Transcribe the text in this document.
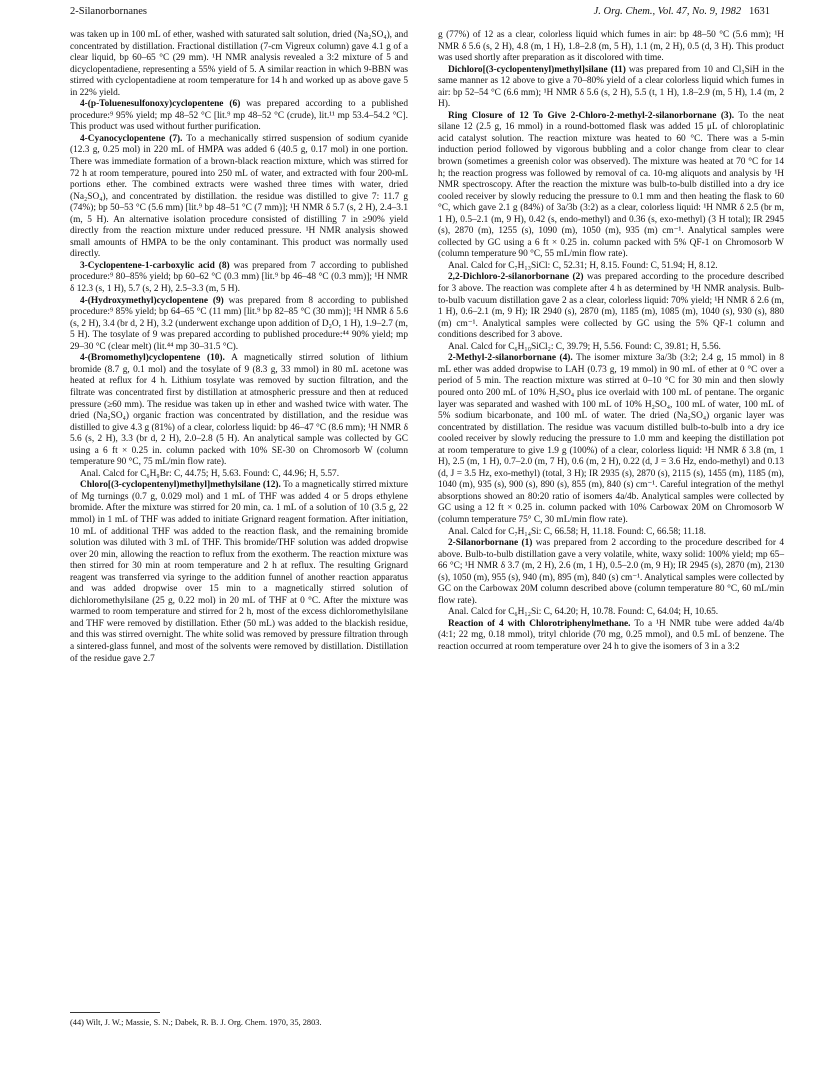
2-Silanorbornanes	J. Org. Chem., Vol. 47, No. 9, 1982 1631

was taken up in 100 mL of ether, washed with saturated salt solution, dried (Na₂SO₄), and concentrated by distillation. Fractional distillation (7-cm Vigreux column) gave 4.1 g of a clear liquid, bp 60–65 °C (29 mm). ¹H NMR analysis revealed a 3:2 mixture of 5 and dicyclopentadiene, representing a 55% yield of 5. A similar reaction in which 9-BBN was stirred with cyclopentadiene at room temperature for 14 h and worked up as above gave 5 in 22% yield.

4-(p-Toluenesulfonoxy)cyclopentene (6) was prepared according to a published procedure:⁹ 95% yield; mp 48–52 °C [lit.⁹ mp 48–52 °C (crude), lit.¹¹ mp 53.4–54.2 °C]. This product was used without further purification.

4-Cyanocyclopentene (7). To a mechanically stirred suspension of sodium cyanide (12.3 g, 0.25 mol) in 220 mL of HMPA was added 6 (40.5 g, 0.17 mol) in one portion. There was immediate formation of a brown-black reaction mixture, which was stirred for 72 h at room temperature, poured into 250 mL of water, and extracted with four 200-mL portions ether. The combined extracts were washed three times with water, dried (Na₂SO₄), and concentrated by distillation. the residue was distilled to give 7: 11.7 g (74%); bp 50–53 °C (5.6 mm) [lit.⁹ bp 48–51 °C (7 mm)]; ¹H NMR δ 5.7 (s, 2 H), 2.4–3.1 (m, 5 H). An alternative isolation procedure consisted of distilling 7 in ≥90% yield directly from the reaction mixture under reduced pressure. ¹H NMR analysis showed small amounts of HMPA to be the only contaminant. This product was normally used directly.

3-Cyclopentene-1-carboxylic acid (8) was prepared from 7 according to published procedure:⁹ 80–85% yield; bp 60–62 °C (0.3 mm) [lit.⁹ bp 46–48 °C (0.3 mm)]; ¹H NMR δ 12.3 (s, 1 H), 5.7 (s, 2 H), 2.5–3.3 (m, 5 H).

4-(Hydroxymethyl)cyclopentene (9) was prepared from 8 according to published procedure:⁹ 85% yield; bp 64–65 °C (11 mm) [lit.⁹ bp 82–85 °C (30 mm)]; ¹H NMR δ 5.6 (s, 2 H), 3.4 (br d, 2 H), 3.2 (underwent exchange upon addition of D₂O, 1 H), 1.9–2.7 (m, 5 H). The tosylate of 9 was prepared according to published procedure:⁴⁴ 90% yield; mp 29–30 °C (clear melt) (lit.⁴⁴ mp 30–31.5 °C).

4-(Bromomethyl)cyclopentene (10). A magnetically stirred solution of lithium bromide (8.7 g, 0.1 mol) and the tosylate of 9 (8.3 g, 33 mmol) in 80 mL acetone was heated at reflux for 4 h. Lithium tosylate was removed by suction filtration, and the filtrate was concentrated first by distillation at atmospheric pressure and then at reduced pressure (≥60 mm). The residue was taken up in ether and washed twice with water. The dried (Na₂SO₄) organic fraction was concentrated by distillation, and the residue was distilled to give 4.3 g (81%) of a clear, colorless liquid: bp 46–47 °C (8.6 mm); ¹H NMR δ 5.6 (s, 2 H), 3.3 (br d, 2 H), 2.0–2.8 (5 H). An analytical sample was collected by GC using a 6 ft × 0.25 in. column packed with 10% SE-30 on Chromosorb W (column temperature 90 °C, 75 mL/min flow rate).

Anal. Calcd for C₆H₉Br: C, 44.75; H, 5.63. Found: C, 44.96; H, 5.57.

Chloro[(3-cyclopentenyl)methyl]methylsilane (12). To a magnetically stirred mixture of Mg turnings (0.7 g, 0.029 mol) and 1 mL of THF was added 4 or 5 drops ethylene bromide. After the mixture was stirred for 20 min, ca. 1 mL of a solution of 10 (3.5 g, 22 mmol) in 1 mL of THF was added to initiate Grignard reagent formation. After initiation, 10 mL of additional THF was added to the reaction flask, and the remaining bromide solution was diluted with 3 mL of THF. This bromide/THF solution was added dropwise over 20 min, allowing the reaction to reflux from the exotherm. The reaction mixture was then stirred for 30 min at room temperature and 2 h at reflux. The resulting Grignard reagent was transferred via syringe to the addition funnel of another reaction apparatus and was added dropwise over 15 min to a magnetically stirred solution of dichloromethylsilane (25 g, 0.22 mol) in 20 mL of THF at 0 °C. After the mixture was warmed to room temperature and stirred for 2 h, most of the excess dichloromethylsilane and THF were removed by distillation. Ether (50 mL) was added to the blackish residue, and this was stirred overnight. The white solid was removed by pressure filtration through a sintered-glass funnel, and most of the solvents were removed by distillation. Distillation of the residue gave 2.7

g (77%) of 12 as a clear, colorless liquid which fumes in air: bp 48–50 °C (5.6 mm); ¹H NMR δ 5.6 (s, 2 H), 4.8 (m, 1 H), 1.8–2.8 (m, 5 H), 1.1 (m, 2 H), 0.5 (d, 3 H). This product was used shortly after preparation as it discolored with time.

Dichloro[(3-cyclopentenyl)methyl]silane (11) was prepared from 10 and Cl₃SiH in the same manner as 12 above to give a 70–80% yield of a clear colorless liquid which fumes in air: bp 52–54 °C (6.6 mm); ¹H NMR δ 5.6 (s, 2 H), 5.5 (t, 1 H), 1.8–2.9 (m, 5 H), 1.4 (m, 2 H).

Ring Closure of 12 To Give 2-Chloro-2-methyl-2-silanorbornane (3). To the neat silane 12 (2.5 g, 16 mmol) in a round-bottomed flask was added 15 μL of chloroplatinic acid catalyst solution. The reaction mixture was heated to 60 °C. There was a 5-min induction period followed by vigorous bubbling and a color change from clear to clear brown (sometimes a greenish color was observed). The mixture was heated at 70 °C for 14 h; the reaction progress was followed by removal of ca. 10-mg aliquots and analysis by ¹H NMR spectroscopy. After the reaction the mixture was bulb-to-bulb distilled into a dry ice cooled receiver by slowly reducing the pressure to 0.1 mm and then heating the flask to 60 °C, which gave 2.1 g (84%) of 3a/3b (3:2) as a clear, colorless liquid: ¹H NMR δ 2.5 (br m, 1 H), 0.5–2.1 (m, 9 H), 0.42 (s, endo-methyl) and 0.36 (s, exo-methyl) (3 H total); IR 2945 (s), 2870 (m), 1255 (s), 1090 (m), 1050 (m), 935 (m) cm⁻¹. Analytical samples were collected by GC using a 6 ft × 0.25 in. column packed with 5% QF-1 on Chromosorb W (column temperature 90 °C, 55 mL/min flow rate).

Anal. Calcd for C₇H₁₃SiCl: C, 52.31; H, 8.15. Found: C, 51.94; H, 8.12.

2,2-Dichloro-2-silanorbornane (2) was prepared according to the procedure described for 3 above. The reaction was complete after 4 h as determined by ¹H NMR analysis. Bulb-to-bulb vacuum distillation gave 2 as a clear, colorless liquid: 70% yield; ¹H NMR δ 2.6 (m, 1 H), 0.6–2.1 (m, 9 H); IR 2940 (s), 2870 (m), 1185 (m), 1085 (m), 1040 (s), 930 (s), 880 (m) cm⁻¹. Analytical samples were collected by GC using the 5% QF-1 column and conditions described for 3 above.

Anal. Calcd for C₆H₁₀SiCl₂: C, 39.79; H, 5.56. Found: C, 39.81; H, 5.56.

2-Methyl-2-silanorbornane (4). The isomer mixture 3a/3b (3:2; 2.4 g, 15 mmol) in 8 mL ether was added dropwise to LAH (0.73 g, 19 mmol) in 90 mL of ether at 0 °C over a period of 5 min. The reaction mixture was stirred at 0–10 °C for 30 min and then slowly poured onto 200 mL of 10% H₂SO₄ plus ice overlaid with 100 mL of pentane. The organic layer was separated and washed with 100 mL of 10% H₂SO₄, 100 mL of water, 100 mL of 5% sodium bicarbonate, and 100 mL of water. The dried (Na₂SO₄) organic layer was concentrated by distillation. The residue was vacuum distilled bulb-to-bulb into a dry ice cooled receiver by slowly reducing the pressure to 1.0 mm and keeping the distillation pot at room temperature to give 1.9 g (100%) of a clear, colorless liquid: ¹H NMR δ 3.8 (m, 1 H), 2.5 (m, 1 H), 0.7–2.0 (m, 7 H), 0.6 (m, 2 H), 0.22 (d, J = 3.6 Hz, endo-methyl) and 0.13 (d, J = 3.5 Hz, exo-methyl) (total, 3 H); IR 2935 (s), 2870 (s), 2115 (s), 1455 (m), 1185 (m), 1040 (m), 935 (s), 900 (s), 890 (s), 855 (m), 840 (s) cm⁻¹. Careful integration of the methyl absorptions showed an 80:20 ratio of isomers 4a/4b. Analytical samples were collected by GC using a 12 ft × 0.25 in. column packed with 10% Carbowax 20M on Chromosorb W (column temperature 75° C, 30 mL/min flow rate).

Anal. Calcd for C₇H₁₄Si: C, 66.58; H, 11.18. Found: C, 66.58; 11.18.

2-Silanorbornane (1) was prepared from 2 according to the procedure described for 4 above. Bulb-to-bulb distillation gave a very volatile, white, waxy solid: 100% yield; mp 65–66 °C; ¹H NMR δ 3.7 (m, 2 H), 2.6 (m, 1 H), 0.5–2.0 (m, 9 H); IR 2945 (s), 2870 (m), 2130 (s), 1050 (m), 955 (s), 940 (m), 895 (m), 840 (s) cm⁻¹. Analytical samples were collected by GC on the Carbowax 20M column described above (column temperature 80 °C, 60 mL/min flow rate).

Anal. Calcd for C₆H₁₂Si: C, 64.20; H, 10.78. Found: C, 64.04; H, 10.65.

Reaction of 4 with Chlorotriphenylmethane. To a ¹H NMR tube were added 4a/4b (4:1; 22 mg, 0.18 mmol), trityl chloride (70 mg, 0.25 mmol), and 0.5 mL of benzene. The reaction occurred at room temperature over 24 h to give the isomers of 3 in a 3:2

(44) Wilt, J. W.; Massie, S. N.; Dabek, R. B. J. Org. Chem. 1970, 35, 2803.
